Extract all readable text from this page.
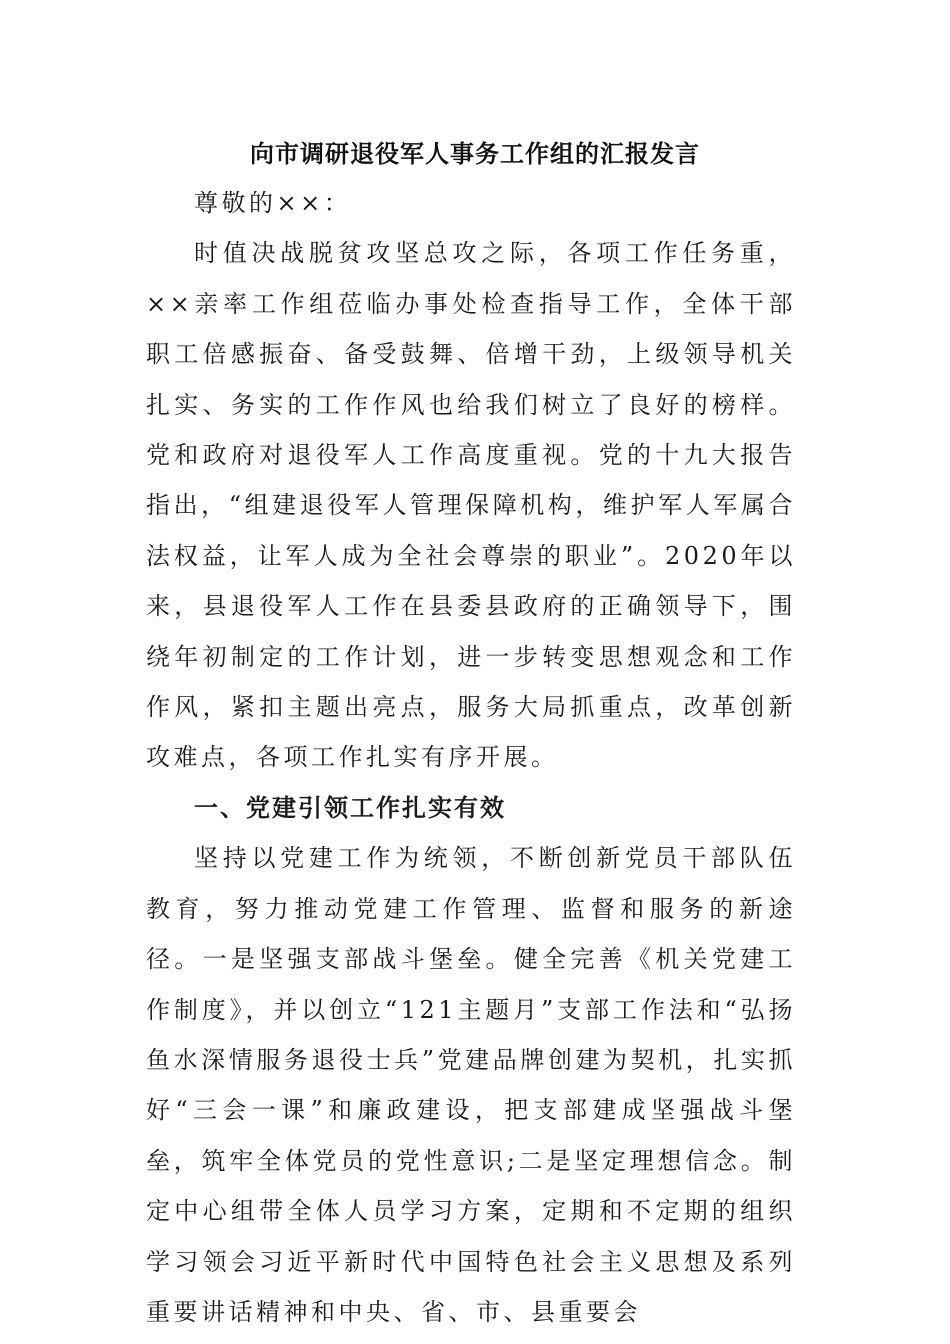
向市调研退役军人事务工作组的汇报发言

尊敬的××：

时值决战脱贫攻坚总攻之际，各项工作任务重，××亲率工作组莅临办事处检查指导工作，全体干部职工倍感振奋、备受鼓舞、倍增干劲，上级领导机关扎实、务实的工作作风也给我们树立了良好的榜样。党和政府对退役军人工作高度重视。党的十九大报告指出，“组建退役军人管理保障机构，维护军人军属合法权益，让军人成为全社会尊崇的职业”。2020年以来，县退役军人工作在县委县政府的正确领导下，围绕年初制定的工作计划，进一步转变思想观念和工作作风，紧扣主题出亮点，服务大局抓重点，改革创新攻难点，各项工作扎实有序开展。

一、党建引领工作扎实有效

坚持以党建工作为统领，不断创新党员干部队伍教育，努力推动党建工作管理、监督和服务的新途径。一是坚强支部战斗堡垒。健全完善《机关党建工作制度》，并以创立“121主题月”支部工作法和“弘扬鱼水深情服务退役士兵”党建品牌创建为契机，扎实抓好“三会一课”和廉政建设，把支部建成坚强战斗堡垒，筑牢全体党员的党性意识;二是坚定理想信念。制定中心组带全体人员学习方案，定期和不定期的组织学习领会习近平新时代中国特色社会主义思想及系列重要讲话精神和中央、省、市、县重要会
